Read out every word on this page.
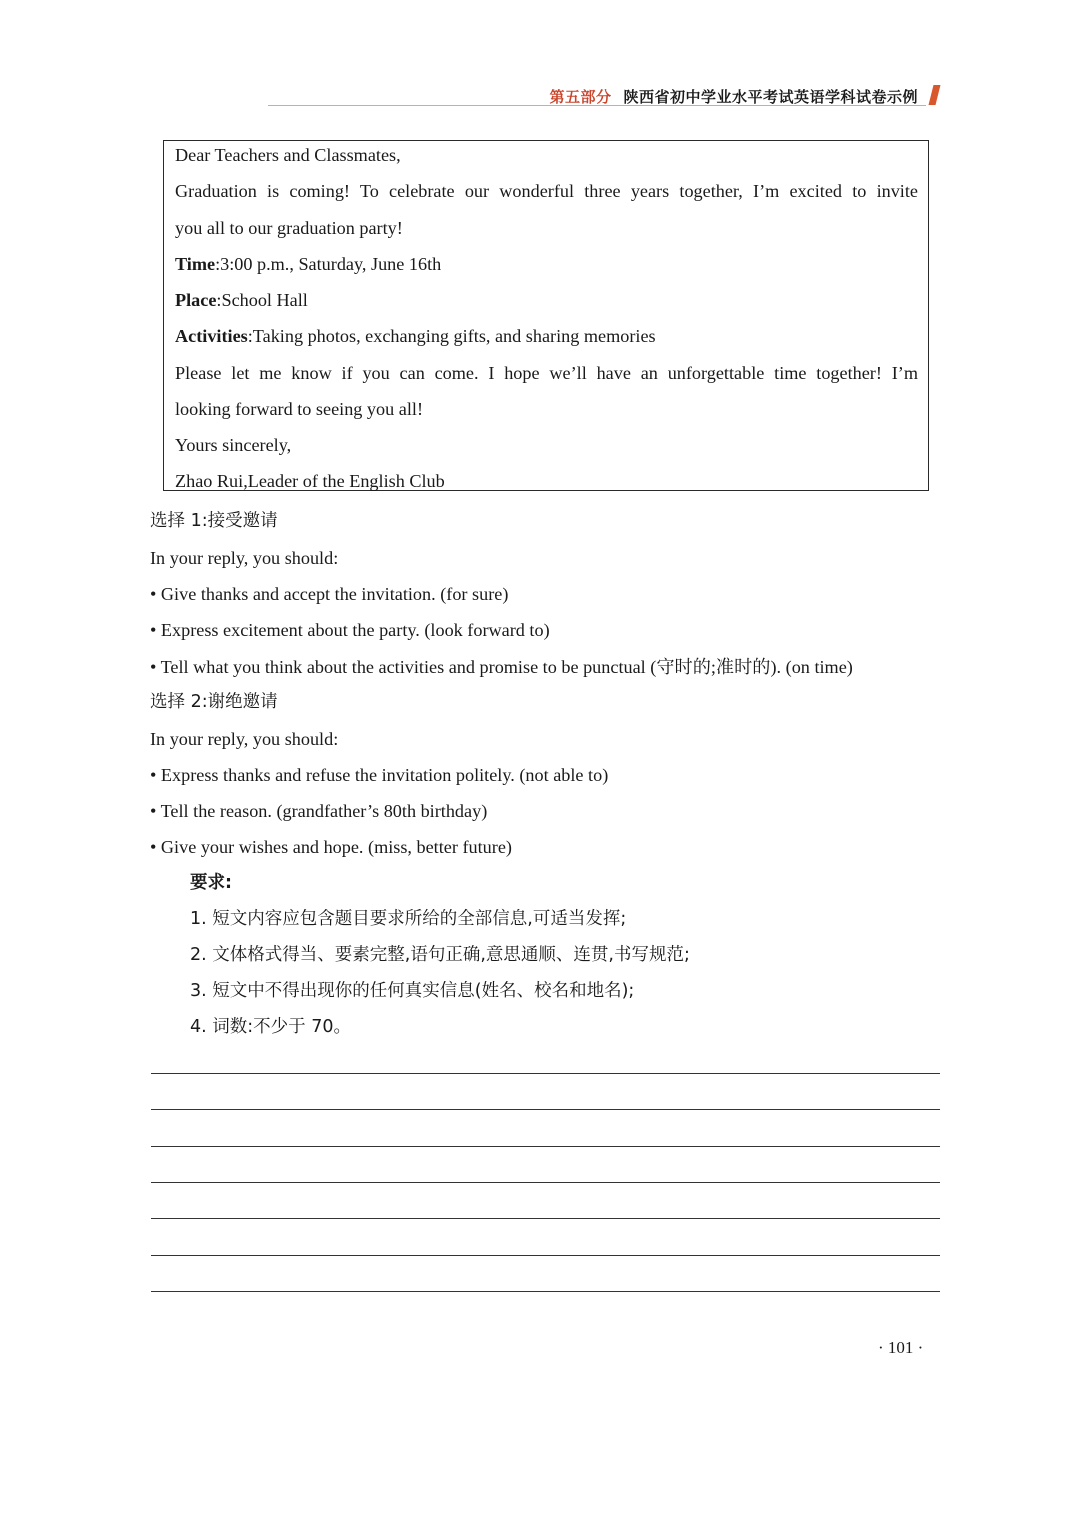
第五部分 陕西省初中学业水平考试英语学科试卷示例
Dear Teachers and Classmates,
Graduation is coming! To celebrate our wonderful three years together, I’m excited to invite
you all to our graduation party!
Time:3:00 p.m., Saturday, June 16th
Place:School Hall
Activities:Taking photos, exchanging gifts, and sharing memories
Please let me know if you can come. I hope we’ll have an unforgettable time together! I’m
looking forward to seeing you all!
Yours sincerely,
Zhao Rui,Leader of the English Club
选择 1:接受邀请
In your reply, you should:
• Give thanks and accept the invitation. (for sure)
• Express excitement about the party. (look forward to)
• Tell what you think about the activities and promise to be punctual (守时的;准时的). (on time)
选择 2:谢绝邀请
In your reply, you should:
• Express thanks and refuse the invitation politely. (not able to)
• Tell the reason. (grandfather’s 80th birthday)
• Give your wishes and hope. (miss, better future)
要求:
1. 短文内容应包含题目要求所给的全部信息,可适当发挥;
2. 文体格式得当、要素完整,语句正确,意思通顺、连贯,书写规范;
3. 短文中不得出现你的任何真实信息(姓名、校名和地名);
4. 词数:不少于 70。
· 101 ·
